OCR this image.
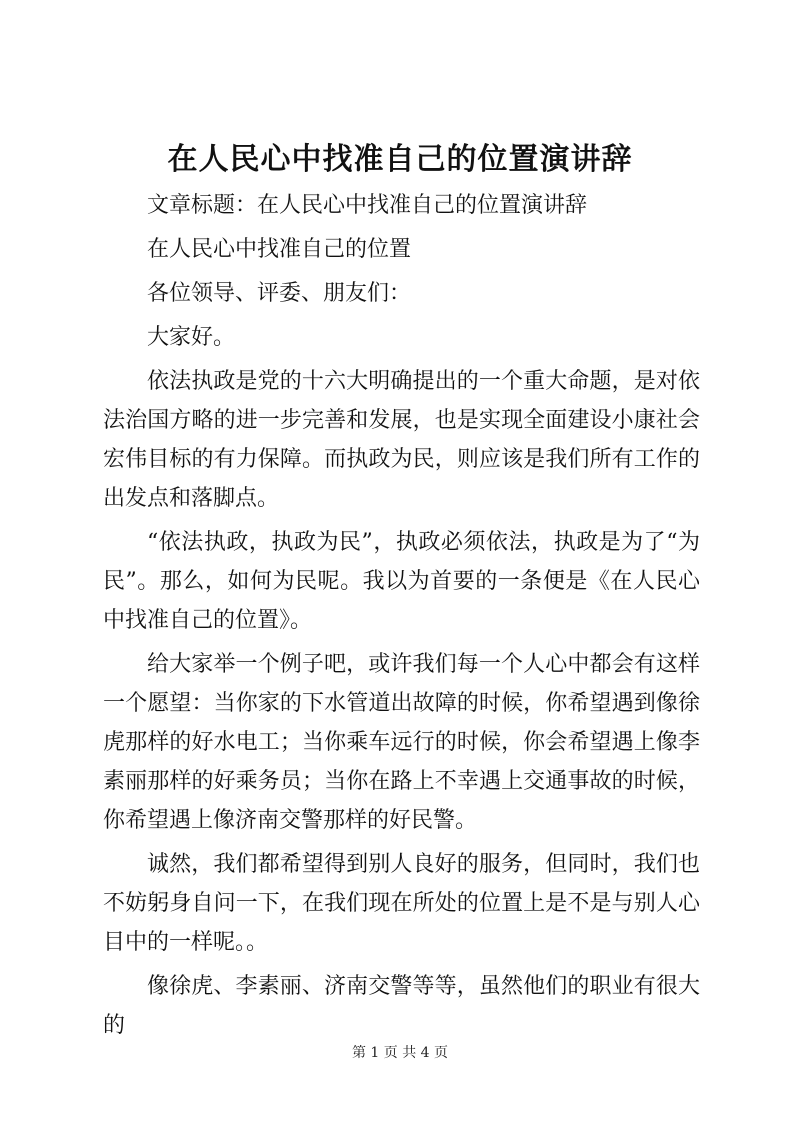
在人民心中找准自己的位置演讲辞

文章标题：在人民心中找准自己的位置演讲辞

在人民心中找准自己的位置

各位领导、评委、朋友们：

大家好。

依法执政是党的十六大明确提出的一个重大命题，是对依法治国方略的进一步完善和发展，也是实现全面建设小康社会宏伟目标的有力保障。而执政为民，则应该是我们所有工作的出发点和落脚点。

“依法执政，执政为民”，执政必须依法，执政是为了“为民”。那么，如何为民呢。我以为首要的一条便是《在人民心中找准自己的位置》。

给大家举一个例子吧，或许我们每一个人心中都会有这样一个愿望：当你家的下水管道出故障的时候，你希望遇到像徐虎那样的好水电工；当你乘车远行的时候，你会希望遇上像李素丽那样的好乘务员；当你在路上不幸遇上交通事故的时候，你希望遇上像济南交警那样的好民警。

诚然，我们都希望得到别人良好的服务，但同时，我们也不妨躬身自问一下，在我们现在所处的位置上是不是与别人心目中的一样呢。。

像徐虎、李素丽、济南交警等等，虽然他们的职业有很大的

第 1 页 共 4 页
